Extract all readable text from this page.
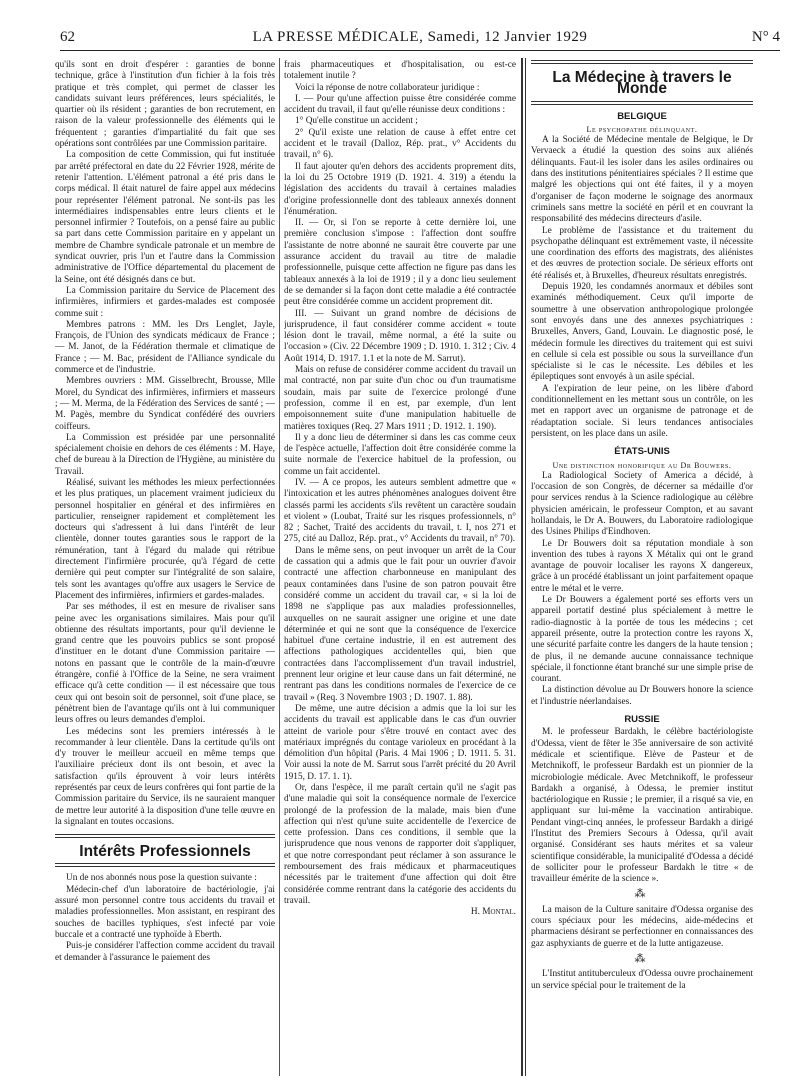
62	LA PRESSE MÉDICALE, Samedi, 12 Janvier 1929	N° 4

qu'ils sont en droit d'espérer : garanties de bonne technique, grâce à l'institution d'un fichier à la fois très pratique et très complet, qui permet de classer les candidats suivant leurs préférences, leurs spécialités, le quartier où ils résident ; garanties de bon recrutement, en raison de la valeur professionnelle des éléments qui le fréquentent ; garanties d'impartialité du fait que ses opérations sont contrôlées par une Commission paritaire.

La composition de cette Commission, qui fut instituée par arrêté préfectoral en date du 22 Février 1928, mérite de retenir l'attention. L'élément patronal a été pris dans le corps médical. Il était naturel de faire appel aux médecins pour représenter l'élément patronal. Ne sont-ils pas les intermédiaires indispensables entre leurs clients et le personnel infirmier ? Toutefois, on a pensé faire au public sa part dans cette Commission paritaire en y appelant un membre de Chambre syndicale patronale et un membre de syndicat ouvrier, pris l'un et l'autre dans la Commission administrative de l'Office départemental du placement de la Seine, ont été désignés dans ce but.

La Commission paritaire du Service de Placement des infirmières, infirmiers et gardes-malades est composée comme suit :

Membres patrons : MM. les Drs Lenglet, Jayle, François, de l'Union des syndicats médicaux de France ; — M. Janot, de la Fédération thermale et climatique de France ; — M. Bac, président de l'Alliance syndicale du commerce et de l'industrie.

Membres ouvriers : MM. Gisselbrecht, Brousse, Mlle Morel, du Syndicat des infirmières, infirmiers et masseurs ; — M. Merma, de la Fédération des Services de santé ; — M. Pagès, membre du Syndicat confédéré des ouvriers coiffeurs.

La Commission est présidée par une personnalité spécialement choisie en dehors de ces éléments : M. Haye, chef de bureau à la Direction de l'Hygiène, au ministère du Travail.

Réalisé, suivant les méthodes les mieux perfectionnées et les plus pratiques, un placement vraiment judicieux du personnel hospitalier en général et des infirmières en particulier, renseigner rapidement et complètement les docteurs qui s'adressent à lui dans l'intérêt de leur clientèle, donner toutes garanties sous le rapport de la rémunération, tant à l'égard du malade qui rétribue directement l'infirmière procurée, qu'à l'égard de cette dernière qui peut compter sur l'intégralité de son salaire, tels sont les avantages qu'offre aux usagers le Service de Placement des infirmières, infirmiers et gardes-malades.

Par ses méthodes, il est en mesure de rivaliser sans peine avec les organisations similaires. Mais pour qu'il obtienne des résultats importants, pour qu'il devienne le grand centre que les pouvoirs publics se sont proposé d'instituer en le dotant d'une Commission paritaire — notons en passant que le contrôle de la main-d'œuvre étrangère, confié à l'Office de la Seine, ne sera vraiment efficace qu'à cette condition — il est nécessaire que tous ceux qui ont besoin soit de personnel, soit d'une place, se pénètrent bien de l'avantage qu'ils ont à lui communiquer leurs offres ou leurs demandes d'emploi.

Les médecins sont les premiers intéressés à le recommander à leur clientèle. Dans la certitude qu'ils ont d'y trouver le meilleur accueil en même temps que l'auxiliaire précieux dont ils ont besoin, et avec la satisfaction qu'ils éprouvent à voir leurs intérêts représentés par ceux de leurs confrères qui font partie de la Commission paritaire du Service, ils ne sauraient manquer de mettre leur autorité à la disposition d'une telle œuvre en la signalant en toutes occasions.

Intérêts Professionnels

Un de nos abonnés nous pose la question suivante :

Médecin-chef d'un laboratoire de bactériologie, j'ai assuré mon personnel contre tous accidents du travail et maladies professionnelles. Mon assistant, en respirant des souches de bacilles typhiques, s'est infecté par voie buccale et a contracté une typhoïde à Eberth.

Puis-je considérer l'affection comme accident du travail et demander à l'assurance le paiement des

frais pharmaceutiques et d'hospitalisation, ou est-ce totalement inutile ?

Voici la réponse de notre collaborateur juridique :

I. — Pour qu'une affection puisse être considérée comme accident du travail, il faut qu'elle réunisse deux conditions :

1° Qu'elle constitue un accident ;

2° Qu'il existe une relation de cause à effet entre cet accident et le travail (Dalloz, Rép. prat., v° Accidents du travail, n° 6).

Il faut ajouter qu'en dehors des accidents proprement dits, la loi du 25 Octobre 1919 (D. 1921. 4. 319) a étendu la législation des accidents du travail à certaines maladies d'origine professionnelle dont des tableaux annexés donnent l'énumération.

II. — Or, si l'on se reporte à cette dernière loi, une première conclusion s'impose : l'affection dont souffre l'assistante de notre abonné ne saurait être couverte par une assurance accident du travail au titre de maladie professionnelle, puisque cette affection ne figure pas dans les tableaux annexés à la loi de 1919 ; il y a donc lieu seulement de se demander si la façon dont cette maladie a été contractée peut être considérée comme un accident proprement dit.

III. — Suivant un grand nombre de décisions de jurisprudence, il faut considérer comme accident « toute lésion dont le travail, même normal, a été la suite ou l'occasion » (Civ. 22 Décembre 1909 ; D. 1910. 1. 312 ; Civ. 4 Août 1914, D. 1917. 1.1 et la note de M. Sarrut).

Mais on refuse de considérer comme accident du travail un mal contracté, non par suite d'un choc ou d'un traumatisme soudain, mais par suite de l'exercice prolongé d'une profession, comme il en est, par exemple, d'un lent empoisonnement suite d'une manipulation habituelle de matières toxiques (Req. 27 Mars 1911 ; D. 1912. 1. 190).

Il y a donc lieu de déterminer si dans les cas comme ceux de l'espèce actuelle, l'affection doit être considérée comme la suite normale de l'exercice habituel de la profession, ou comme un fait accidentel.

IV. — A ce propos, les auteurs semblent admettre que « l'intoxication et les autres phénomènes analogues doivent être classés parmi les accidents s'ils revêtent un caractère soudain et violent » (Loubat, Traité sur les risques professionnels, n° 82 ; Sachet, Traité des accidents du travail, t. I, nos 271 et 275, cité au Dalloz, Rép. prat., v° Accidents du travail, n° 70).

Dans le même sens, on peut invoquer un arrêt de la Cour de cassation qui a admis que le fait pour un ouvrier d'avoir contracté une affection charbonneuse en manipulant des peaux contaminées dans l'usine de son patron pouvait être considéré comme un accident du travail car, « si la loi de 1898 ne s'applique pas aux maladies professionnelles, auxquelles on ne saurait assigner une origine et une date déterminée et qui ne sont que la conséquence de l'exercice habituel d'une certaine industrie, il en est autrement des affections pathologiques accidentelles qui, bien que contractées dans l'accomplissement d'un travail industriel, prennent leur origine et leur cause dans un fait déterminé, ne rentrant pas dans les conditions normales de l'exercice de ce travail » (Req. 3 Novembre 1903 ; D. 1907. 1. 88).

De même, une autre décision a admis que la loi sur les accidents du travail est applicable dans le cas d'un ouvrier atteint de variole pour s'être trouvé en contact avec des matériaux imprégnés du contage varioleux en procédant à la démolition d'un hôpital (Paris. 4 Mai 1906 ; D. 1911. 5. 31. Voir aussi la note de M. Sarrut sous l'arrêt précité du 20 Avril 1915, D. 17. 1. 1).

Or, dans l'espèce, il me paraît certain qu'il ne s'agit pas d'une maladie qui soit la conséquence normale de l'exercice prolongé de la profession de la malade, mais bien d'une affection qui n'est qu'une suite accidentelle de l'exercice de cette profession. Dans ces conditions, il semble que la jurisprudence que nous venons de rapporter doit s'appliquer, et que notre correspondant peut réclamer à son assurance le remboursement des frais médicaux et pharmaceutiques nécessités par le traitement d'une affection qui doit être considérée comme rentrant dans la catégorie des accidents du travail.

H. Montal.

La Médecine à travers le Monde
BELGIQUE

Le psychopathe délinquant.

A la Société de Médecine mentale de Belgique, le Dr Vervaeck a étudié la question des soins aux aliénés délinquants. Faut-il les isoler dans les asiles ordinaires ou dans des institutions pénitentiaires spéciales ? Il estime que malgré les objections qui ont été faites, il y a moyen d'organiser de façon moderne le soignage des anormaux criminels sans mettre la société en péril et en couvrant la responsabilité des médecins directeurs d'asile.

Le problème de l'assistance et du traitement du psychopathe délinquant est extrêmement vaste, il nécessite une coordination des efforts des magistrats, des aliénistes et des œuvres de protection sociale. De sérieux efforts ont été réalisés et, à Bruxelles, d'heureux résultats enregistrés.

Depuis 1920, les condamnés anormaux et débiles sont examinés méthodiquement. Ceux qu'il importe de soumettre à une observation anthropologique prolongée sont envoyés dans une des annexes psychiatriques : Bruxelles, Anvers, Gand, Louvain. Le diagnostic posé, le médecin formule les directives du traitement qui est suivi en cellule si cela est possible ou sous la surveillance d'un spécialiste si le cas le nécessite. Les débiles et les épileptiques sont envoyés à un asile spécial.

A l'expiration de leur peine, on les libère d'abord conditionnellement en les mettant sous un contrôle, on les met en rapport avec un organisme de patronage et de réadaptation sociale. Si leurs tendances antisociales persistent, on les place dans un asile.

ÉTATS-UNIS

Une distinction honorifique au Dr Bouwers.

La Radiological Society of America a décidé, à l'occasion de son Congrès, de décerner sa médaille d'or pour services rendus à la Science radiologique au célèbre physicien américain, le professeur Compton, et au savant hollandais, le Dr A. Bouwers, du Laboratoire radiologique des Usines Philips d'Eindhoven.

Le Dr Bouwers doit sa réputation mondiale à son invention des tubes à rayons X Métalix qui ont le grand avantage de pouvoir localiser les rayons X dangereux, grâce à un procédé établissant un joint parfaitement opaque entre le métal et le verre.

Le Dr Bouwers a également porté ses efforts vers un appareil portatif destiné plus spécialement à mettre le radio-diagnostic à la portée de tous les médecins ; cet appareil présente, outre la protection contre les rayons X, une sécurité parfaite contre les dangers de la haute tension ; de plus, il ne demande aucune connaissance technique spéciale, il fonctionne étant branché sur une simple prise de courant.

La distinction dévolue au Dr Bouwers honore la science et l'industrie néerlandaises.

RUSSIE

M. le professeur Bardakh, le célèbre bactériologiste d'Odessa, vient de fêter le 35e anniversaire de son activité médicale et scientifique. Elève de Pasteur et de Metchnikoff, le professeur Bardakh est un pionnier de la microbiologie médicale. Avec Metchnikoff, le professeur Bardakh a organisé, à Odessa, le premier institut bactériologique en Russie ; le premier, il a risqué sa vie, en appliquant sur lui-même la vaccination antirabique. Pendant vingt-cinq années, le professeur Bardakh a dirigé l'Institut des Premiers Secours à Odessa, qu'il avait organisé. Considérant ses hauts mérites et sa valeur scientifique considérable, la municipalité d'Odessa a décidé de solliciter pour le professeur Bardakh le titre « de travailleur émérite de la science ».

⁂

La maison de la Culture sanitaire d'Odessa organise des cours spéciaux pour les médecins, aide-médecins et pharmaciens désirant se perfectionner en connaissances des gaz asphyxiants de guerre et de la lutte antigazeuse.

⁂

L'Institut antituberculeux d'Odessa ouvre prochainement un service spécial pour le traitement de la
